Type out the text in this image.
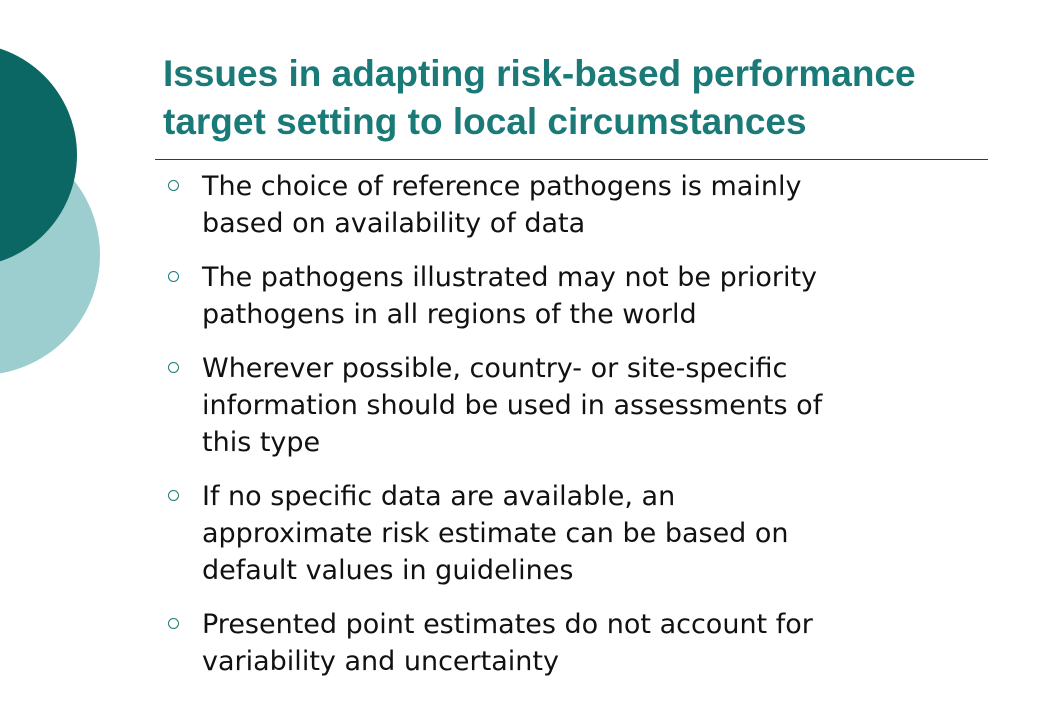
Issues in adapting risk-based performance
target setting to local circumstances
The choice of reference pathogens is mainly
based on availability of data
The pathogens illustrated may not be priority
pathogens in all regions of the world
Wherever possible, country- or site-specific
information should be used in assessments of
this type
If no specific data are available, an
approximate risk estimate can be based on
default values in guidelines
Presented point estimates do not account for
variability and uncertainty
